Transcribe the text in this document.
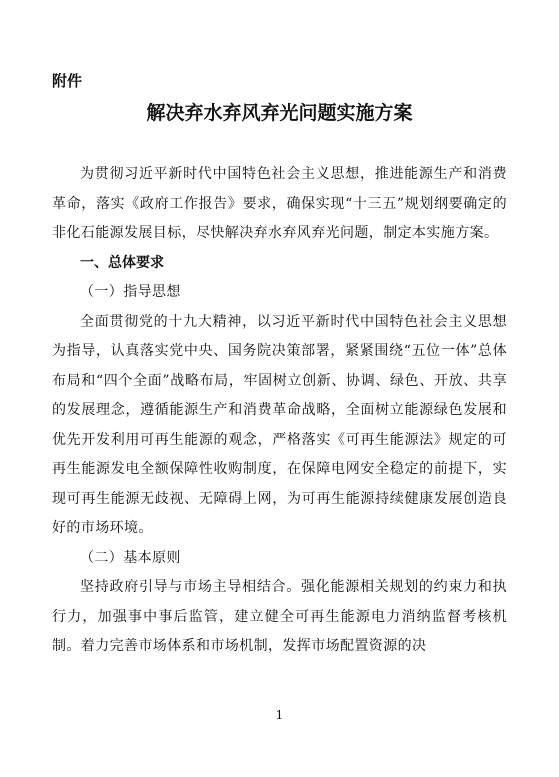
附件

解决弃水弃风弃光问题实施方案

为贯彻习近平新时代中国特色社会主义思想，推进能源生产和消费革命，落实《政府工作报告》要求，确保实现“十三五”规划纲要确定的非化石能源发展目标，尽快解决弃水弃风弃光问题，制定本实施方案。

一、总体要求

（一）指导思想

全面贯彻党的十九大精神，以习近平新时代中国特色社会主义思想为指导，认真落实党中央、国务院决策部署，紧紧围绕“五位一体”总体布局和“四个全面”战略布局，牢固树立创新、协调、绿色、开放、共享的发展理念，遵循能源生产和消费革命战略，全面树立能源绿色发展和优先开发利用可再生能源的观念，严格落实《可再生能源法》规定的可再生能源发电全额保障性收购制度，在保障电网安全稳定的前提下，实现可再生能源无歧视、无障碍上网，为可再生能源持续健康发展创造良好的市场环境。

（二）基本原则

坚持政府引导与市场主导相结合。强化能源相关规划的约束力和执行力，加强事中事后监管，建立健全可再生能源电力消纳监督考核机制。着力完善市场体系和市场机制，发挥市场配置资源的决

1
